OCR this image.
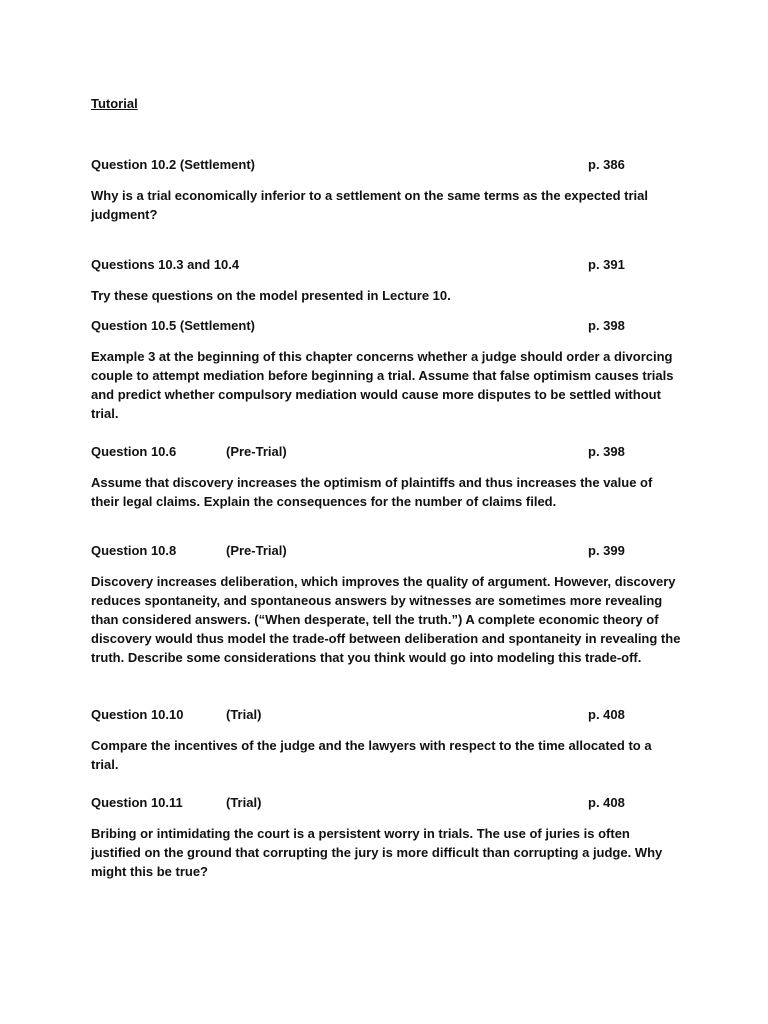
Tutorial
Question 10.2 (Settlement)	p. 386
Why is a trial economically inferior to a settlement on the same terms as the expected trial judgment?
Questions 10.3 and 10.4	p. 391
Try these questions on the model presented in Lecture 10.
Question 10.5 (Settlement)	p. 398
Example 3 at the beginning of this chapter concerns whether a judge should order a divorcing couple to attempt mediation before beginning a trial. Assume that false optimism causes trials and predict whether compulsory mediation would cause more disputes to be settled without trial.
Question 10.6	(Pre-Trial)	p. 398
Assume that discovery increases the optimism of plaintiffs and thus increases the value of their legal claims. Explain the consequences for the number of claims filed.
Question 10.8	(Pre-Trial)	p. 399
Discovery increases deliberation, which improves the quality of argument. However, discovery reduces spontaneity, and spontaneous answers by witnesses are sometimes more revealing than considered answers. (“When desperate, tell the truth.”) A complete economic theory of discovery would thus model the trade-off between deliberation and spontaneity in revealing the truth. Describe some considerations that you think would go into modeling this trade-off.
Question 10.10	(Trial)	p. 408
Compare the incentives of the judge and the lawyers with respect to the time allocated to a trial.
Question 10.11	(Trial)	p. 408
Bribing or intimidating the court is a persistent worry in trials. The use of juries is often justified on the ground that corrupting the jury is more difficult than corrupting a judge. Why might this be true?
